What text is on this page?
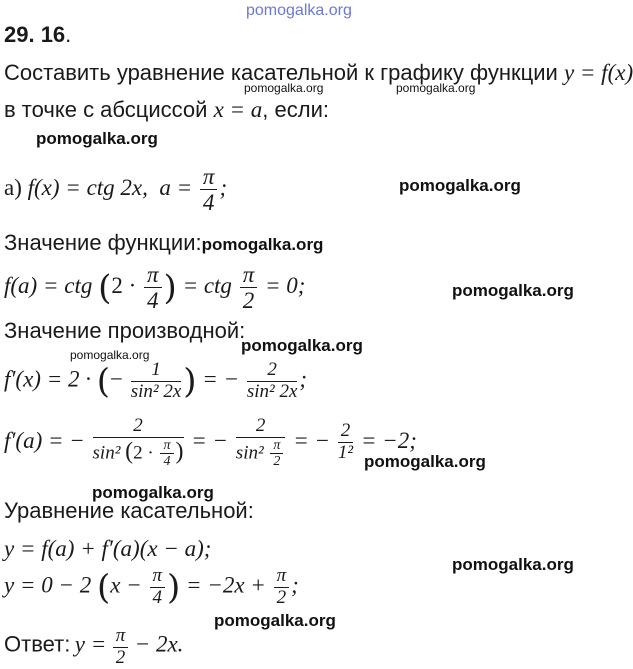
pomogalka.org
29. 16.
Составить уравнение касательной к графику функции y = f(x)
pomogalka.org	pomogalka.org
в точке с абсциссой x = a, если:
pomogalka.org
а) f(x) = ctg 2x, $a = \frac{\pi}{4}$ ;	pomogalka.org
Значение функции:pomogalka.org
f(a) = ctg ($2 \cdot \frac{\pi}{4}$ ) = ctg $\frac{\pi}{2} = 0$;	pomogalka.org
Значение производной:
pomogalka.org
pomogalka.org
f′(x) = 2 · (− $\frac{1}{\text{sin² 2x}}$ ) = − $\frac{2}{\text{sin² 2x}}$ ;
f′(a) = − $\frac{2}{\sin^2 (2 \cdot \frac{\pi}{4} )}$ = − $\frac{2}{\sin^2 \frac{\pi}{2}}$ = − $\frac{2}{\text{1²}} = -2$;
pomogalka.org
pomogalka.org
Уравнение касательной:
y = f(a) + f′(a)(x − a);
pomogalka.org
y = 0 − 2 ($x - \frac{\pi}{4}$ ) = $-2x + \frac{\pi}{2}$ ;
pomogalka.org
Ответ: $y = \frac{\pi}{2} - 2x$.
